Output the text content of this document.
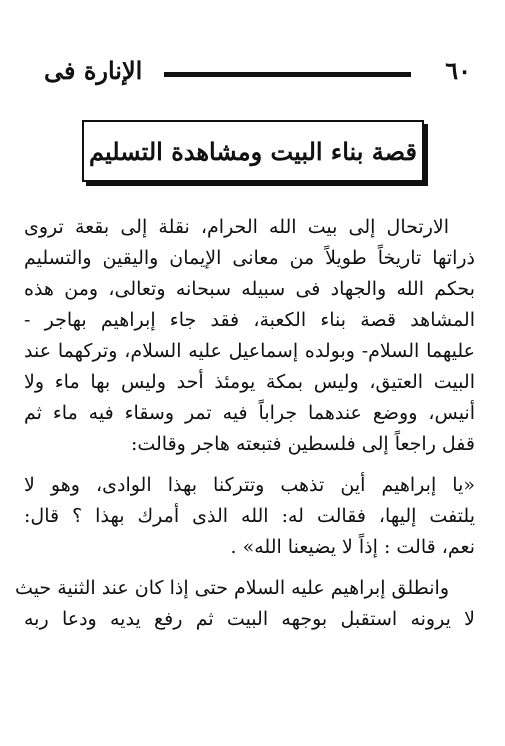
٦٠
الإنارة فى
قصة بناء البيت ومشاهدة التسليم
الارتحال إلى بيت الله الحرام، نقلة إلى بقعة تروى
ذراتها تاريخاً طويلاً من معانى الإيمان واليقين والتسليم
بحكم الله والجهاد فى سبيله سبحانه وتعالى، ومن هذه
المشاهد قصة بناء الكعبة، فقد جاء إبراهيم بهاجر -
عليهما السلام- وبولده إسماعيل عليه السلام، وتركهما عند
البيت العتيق، وليس بمكة يومئذ أحد وليس بها ماء ولا
أنيس، ووضع عندهما جراباً فيه تمر وسقاء فيه ماء ثم
قفل راجعاً إلى فلسطين فتبعته هاجر وقالت:
«يا إبراهيم أين تذهب وتتركنا بهذا الوادى، وهو لا
يلتفت إليها، فقالت له: الله الذى أمرك بهذا ؟ قال:
نعم، قالت : إذاً لا يضيعنا الله» .
وانطلق إبراهيم عليه السلام حتى إذا كان عند الثنية حيث
لا يرونه استقبل بوجهه البيت ثم رفع يديه ودعا ربه
